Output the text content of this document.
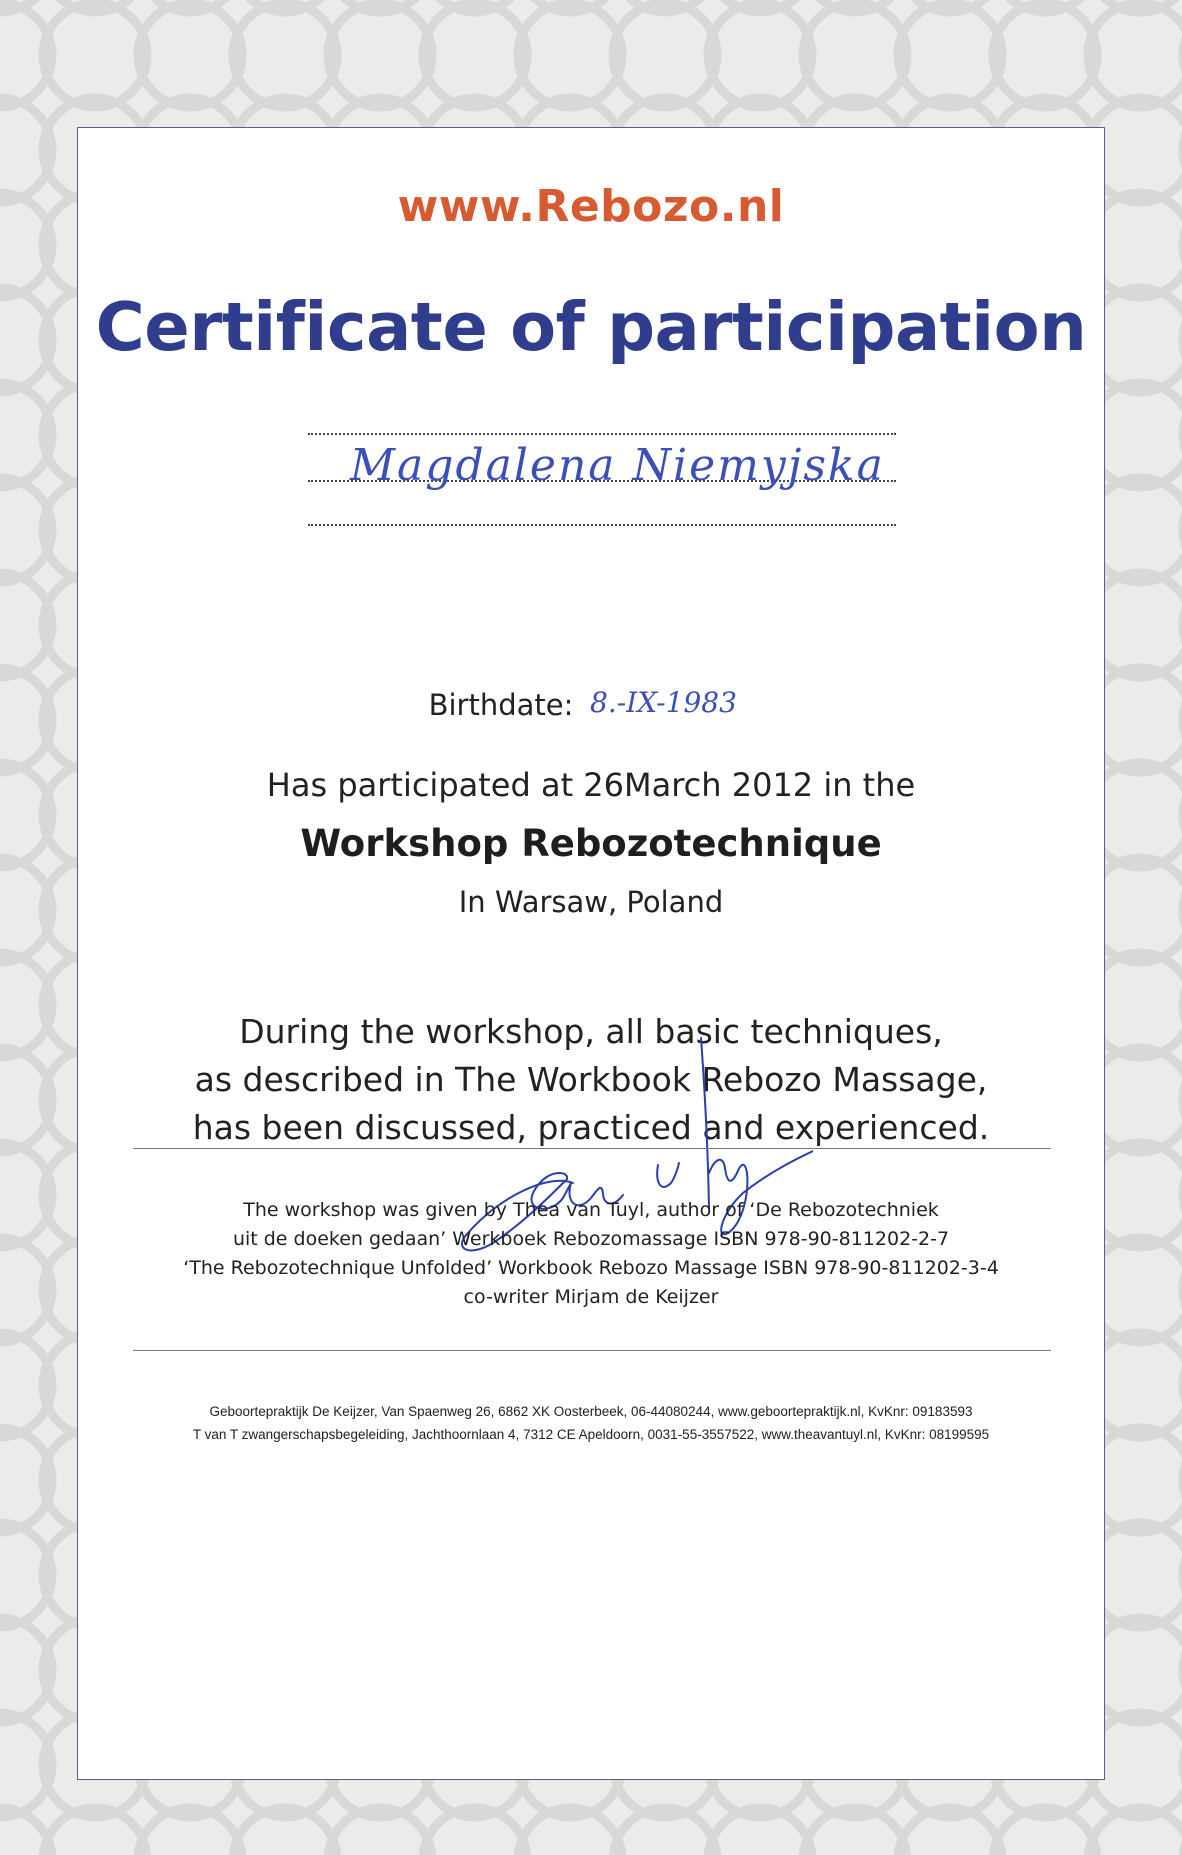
www.Rebozo.nl
Certificate of participation
Magdalena Niemyjska
Birthdate: 8.-IX-1983
Has participated at 26March 2012 in the
Workshop Rebozotechnique
In Warsaw, Poland
During the workshop, all basic techniques,
as described in The Workbook Rebozo Massage,
has been discussed, practiced and experienced.
The workshop was given by Thea van Tuyl, author of ‘De Rebozotechniek
uit de doeken gedaan’ Werkboek Rebozomassage ISBN 978-90-811202-2-7
‘The Rebozotechnique Unfolded’ Workbook Rebozo Massage ISBN 978-90-811202-3-4
co-writer Mirjam de Keijzer
Geboortepraktijk De Keijzer, Van Spaenweg 26, 6862 XK Oosterbeek, 06-44080244, www.geboortepraktijk.nl, KvKnr: 09183593
T van T zwangerschapsbegeleiding, Jachthoornlaan 4, 7312 CE Apeldoorn, 0031-55-3557522, www.theavantuyl.nl, KvKnr: 08199595
